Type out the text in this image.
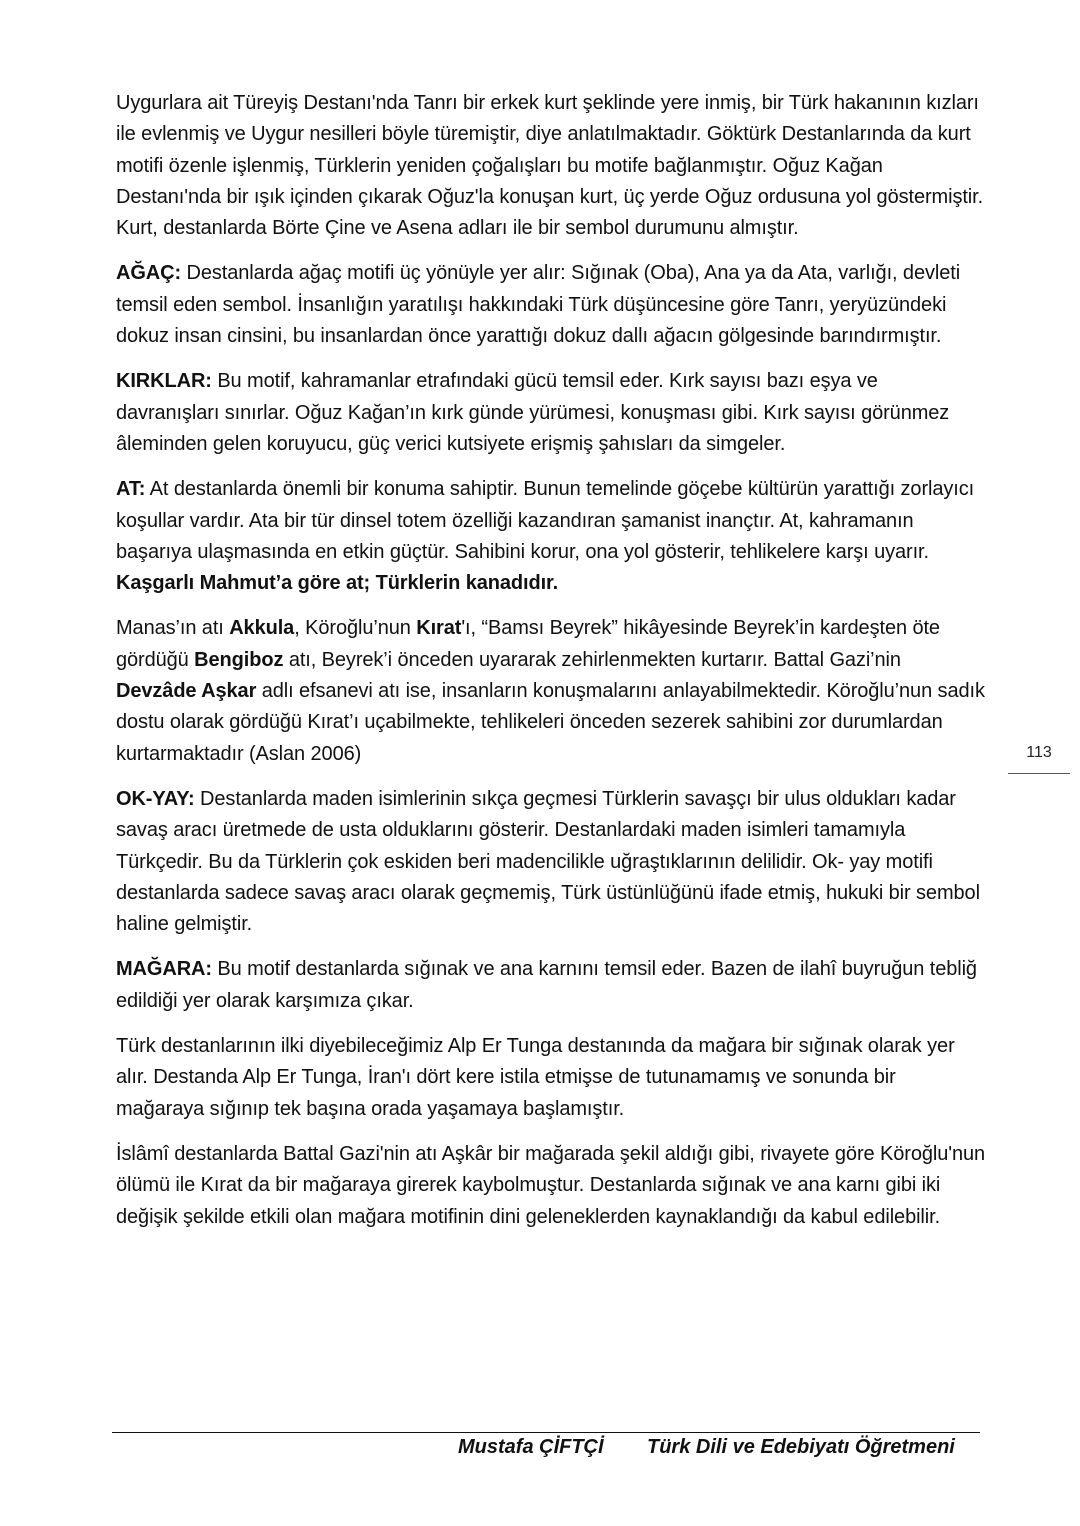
Uygurlara ait Türeyiş Destanı'nda Tanrı bir erkek kurt şeklinde yere inmiş, bir Türk hakanının kızları ile evlenmiş ve Uygur nesilleri böyle türemiştir, diye anlatılmaktadır. Göktürk Destanlarında da kurt motifi özenle işlenmiş, Türklerin yeniden çoğalışları bu motife bağlanmıştır. Oğuz Kağan Destanı'nda bir ışık içinden çıkarak Oğuz'la konuşan kurt, üç yerde Oğuz ordusuna yol göstermiştir. Kurt, destanlarda Börte Çine ve Asena adları ile bir sembol durumunu almıştır.

AĞAÇ: Destanlarda ağaç motifi üç yönüyle yer alır: Sığınak (Oba), Ana ya da Ata, varlığı, devleti temsil eden sembol. İnsanlığın yaratılışı hakkındaki Türk düşüncesine göre Tanrı, yeryüzündeki dokuz insan cinsini, bu insanlardan önce yarattığı dokuz dallı ağacın gölgesinde barındırmıştır.

KIRKLAR: Bu motif, kahramanlar etrafındaki gücü temsil eder. Kırk sayısı bazı eşya ve davranışları sınırlar. Oğuz Kağan’ın kırk günde yürümesi, konuşması gibi. Kırk sayısı görünmez âleminden gelen koruyucu, güç verici kutsiyete erişmiş şahısları da simgeler.

AT: At destanlarda önemli bir konuma sahiptir. Bunun temelinde göçebe kültürün yarattığı zorlayıcı koşullar vardır. Ata bir tür dinsel totem özelliği kazandıran şamanist inançtır. At, kahramanın başarıya ulaşmasında en etkin güçtür. Sahibini korur, ona yol gösterir, tehlikelere karşı uyarır. Kaşgarlı Mahmut’a göre at; Türklerin kanadıdır.

Manas’ın atı Akkula, Köroğlu’nun Kırat'ı, “Bamsı Beyrek” hikâyesinde Beyrek’in kardeşten öte gördüğü Bengiboz atı, Beyrek’i önceden uyararak zehirlenmekten kurtarır. Battal Gazi’nin Devzâde Aşkar adlı efsanevi atı ise, insanların konuşmalarını anlayabilmektedir. Köroğlu’nun sadık dostu olarak gördüğü Kırat’ı uçabilmekte, tehlikeleri önceden sezerek sahibini zor durumlardan kurtarmaktadır (Aslan 2006)

OK-YAY: Destanlarda maden isimlerinin sıkça geçmesi Türklerin savaşçı bir ulus oldukları kadar savaş aracı üretmede de usta olduklarını gösterir. Destanlardaki maden isimleri tamamıyla Türkçedir. Bu da Türklerin çok eskiden beri madencilikle uğraştıklarının delilidir. Ok- yay motifi destanlarda sadece savaş aracı olarak geçmemiş, Türk üstünlüğünü ifade etmiş, hukuki bir sembol haline gelmiştir.

MAĞARA: Bu motif destanlarda sığınak ve ana karnını temsil eder. Bazen de ilahî buyruğun tebliğ edildiği yer olarak karşımıza çıkar.

Türk destanlarının ilki diyebileceğimiz Alp Er Tunga destanında da mağara bir sığınak olarak yer alır. Destanda Alp Er Tunga, İran'ı dört kere istila etmişse de tutunamamış ve sonunda bir mağaraya sığınıp tek başına orada yaşamaya başlamıştır.

İslâmî destanlarda Battal Gazi'nin atı Aşkâr bir mağarada şekil aldığı gibi, rivayete göre Köroğlu'nun ölümü ile Kırat da bir mağaraya girerek kaybolmuştur. Destanlarda sığınak ve ana karnı gibi iki değişik şekilde etkili olan mağara motifinin dini geleneklerden kaynaklandığı da kabul edilebilir.

113
Mustafa ÇİFTÇİ Türk Dili ve Edebiyatı Öğretmeni
